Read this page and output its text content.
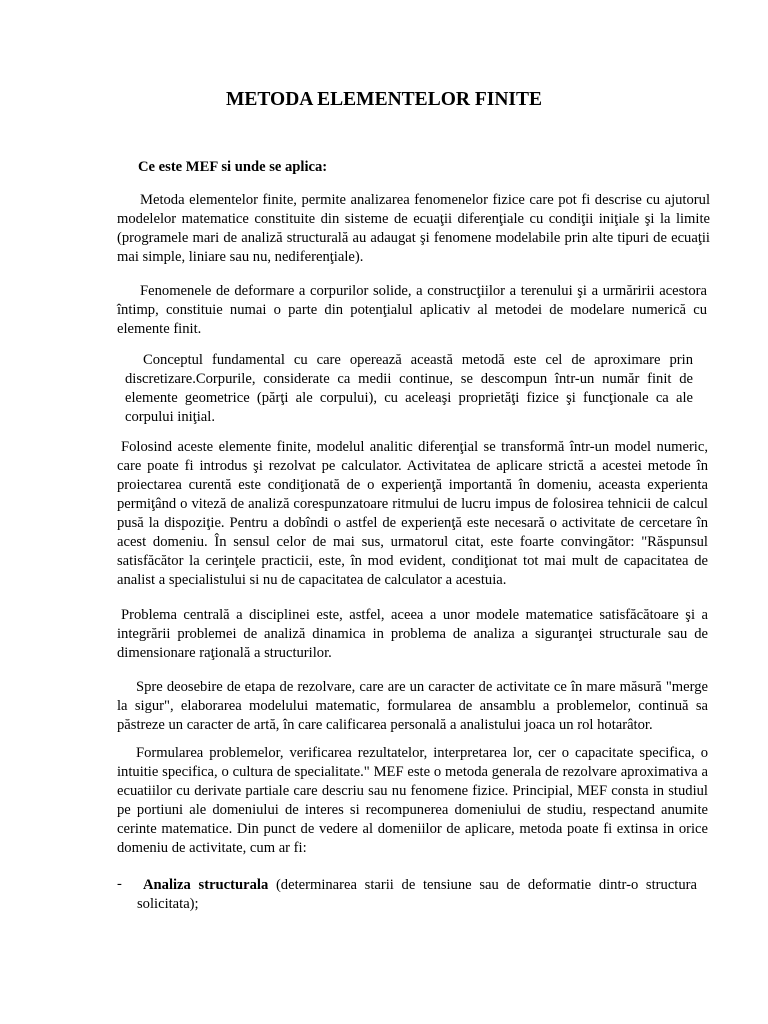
METODA ELEMENTELOR FINITE

Ce este MEF si unde se aplica:

Metoda elementelor finite, permite analizarea fenomenelor fizice care pot fi descrise cu ajutorul modelelor matematice constituite din sisteme de ecuaţii diferenţiale cu condiţii iniţiale şi la limite (programele mari de analiză structurală au adaugat şi fenomene modelabile prin alte tipuri de ecuaţii mai simple, liniare sau nu, nediferenţiale).

Fenomenele de deformare a corpurilor solide, a construcţiilor a terenului şi a urmăririi acestora întimp, constituie numai o parte din potenţialul aplicativ al metodei de modelare numerică cu elemente finit.

Conceptul fundamental cu care operează această metodă este cel de aproximare prin discretizare.Corpurile, considerate ca medii continue, se descompun într-un număr finit de elemente geometrice (părţi ale corpului), cu aceleaşi proprietăţi fizice şi funcţionale ca ale corpului iniţial.

Folosind aceste elemente finite, modelul analitic diferenţial se transformă într-un model numeric, care poate fi introdus şi rezolvat pe calculator. Activitatea de aplicare strictă a acestei metode în proiectarea curentă este condiţionată de o experienţă importantă în domeniu, aceasta experienta permiţând o viteză de analiză corespunzatoare ritmului de lucru impus de folosirea tehnicii de calcul pusă la dispoziţie. Pentru a dobîndi o astfel de experienţă este necesară o activitate de cercetare în acest domeniu. În sensul celor de mai sus, urmatorul citat, este foarte convingător: "Răspunsul satisfăcător la cerinţele practicii, este, în mod evident, condiţionat tot mai mult de capacitatea de analist a specialistului si nu de capacitatea de calculator a acestuia.

Problema centrală a disciplinei este, astfel, aceea a unor modele matematice satisfăcătoare şi a integrării problemei de analiză dinamica in problema de analiza a siguranţei structurale sau de dimensionare raţională a structurilor.

Spre deosebire de etapa de rezolvare, care are un caracter de activitate ce în mare măsură "merge la sigur", elaborarea modelului matematic, formularea de ansamblu a problemelor, continuă sa păstreze un caracter de artă, în care calificarea personală a analistului joaca un rol hotarâtor.

Formularea problemelor, verificarea rezultatelor, interpretarea lor, cer o capacitate specifica, o intuitie specifica, o cultura de specialitate." MEF este o metoda generala de rezolvare aproximativa a ecuatiilor cu derivate partiale care descriu sau nu fenomene fizice. Principial, MEF consta in studiul pe portiuni ale domeniului de interes si recompunerea domeniului de studiu, respectand anumite cerinte matematice. Din punct de vedere al domeniilor de aplicare, metoda poate fi extinsa in orice domeniu de activitate, cum ar fi:

-	Analiza structurala (determinarea starii de tensiune sau de deformatie dintr-o structura solicitata);
